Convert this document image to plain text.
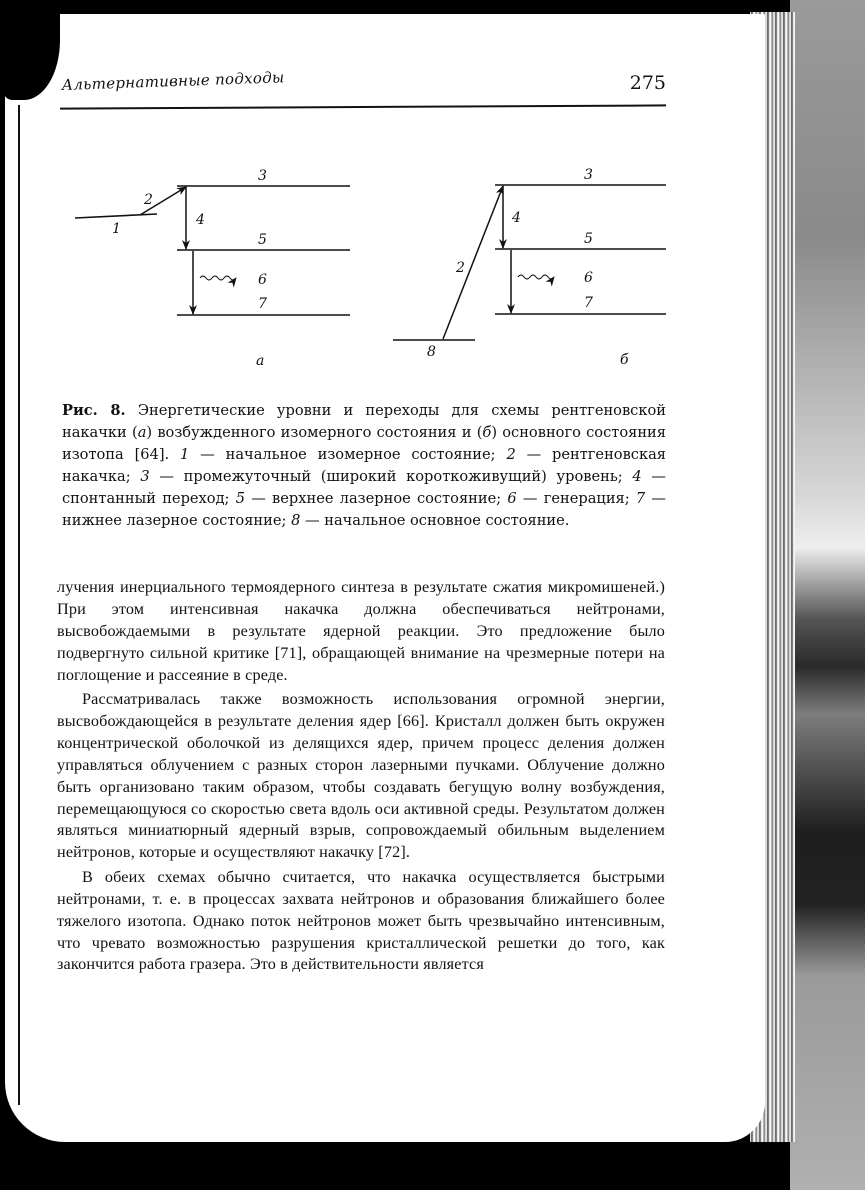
Альтернативные подходы	275
1
2
3
4
5
6
7
а
2
3
4
5
6
7
8	б
Рис. 8. Энергетические уровни и переходы для схемы рентгеновской накачки (а) возбужденного изомерного состояния и (б) основного состояния изотопа [64]. 1 — начальное изомерное состояние; 2 — рентгеновская накачка; 3 — промежуточный (широкий короткоживущий) уровень; 4 — спонтанный переход; 5 — верхнее лазерное состояние; 6 — генерация; 7 — нижнее лазерное состояние; 8 — начальное основное состояние.

лучения инерциального термоядерного синтеза в результате сжатия микромишеней.) При этом интенсивная накачка должна обеспечиваться нейтронами, высвобождаемыми в результате ядерной реакции. Это предложение было подвергнуто сильной критике [71], обращающей внимание на чрезмерные потери на поглощение и рассеяние в среде.

Рассматривалась также возможность использования огромной энергии, высвобождающейся в результате деления ядер [66]. Кристалл должен быть окружен концентрической оболочкой из делящихся ядер, причем процесс деления должен управляться облучением с разных сторон лазерными пучками. Облучение должно быть организовано таким образом, чтобы создавать бегущую волну возбуждения, перемещающуюся со скоростью света вдоль оси активной среды. Результатом должен являться миниатюрный ядерный взрыв, сопровождаемый обильным выделением нейтронов, которые и осуществляют накачку [72].

В обеих схемах обычно считается, что накачка осуществляется быстрыми нейтронами, т. е. в процессах захвата нейтронов и образования ближайшего более тяжелого изотопа. Однако поток нейтронов может быть чрезвычайно интенсивным, что чревато возможностью разрушения кристаллической решетки до того, как закончится работа гразера. Это в действительности является
